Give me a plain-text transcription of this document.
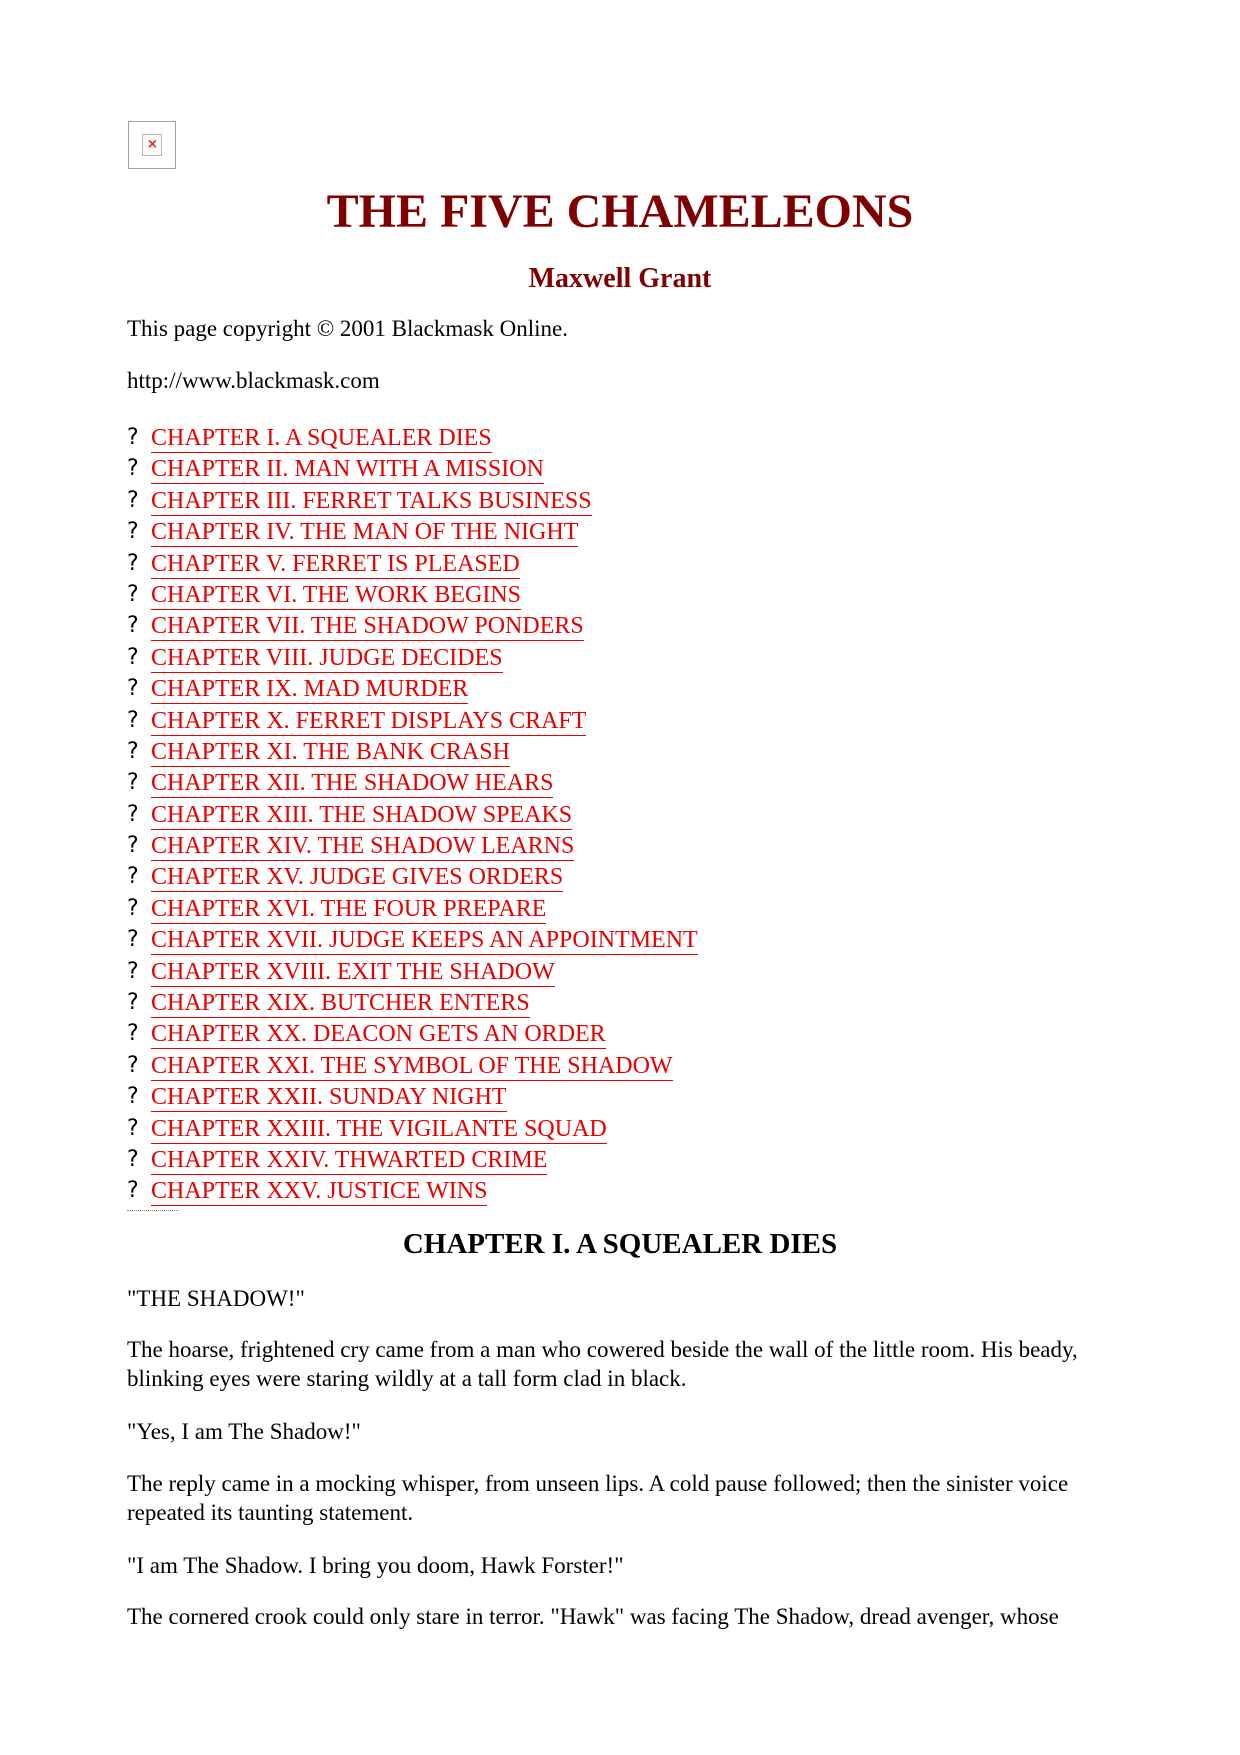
×
THE FIVE CHAMELEONS
Maxwell Grant

This page copyright © 2001 Blackmask Online.

http://www.blackmask.com

? CHAPTER I. A SQUEALER DIES
? CHAPTER II. MAN WITH A MISSION
? CHAPTER III. FERRET TALKS BUSINESS
? CHAPTER IV. THE MAN OF THE NIGHT
? CHAPTER V. FERRET IS PLEASED
? CHAPTER VI. THE WORK BEGINS
? CHAPTER VII. THE SHADOW PONDERS
? CHAPTER VIII. JUDGE DECIDES
? CHAPTER IX. MAD MURDER
? CHAPTER X. FERRET DISPLAYS CRAFT
? CHAPTER XI. THE BANK CRASH
? CHAPTER XII. THE SHADOW HEARS
? CHAPTER XIII. THE SHADOW SPEAKS
? CHAPTER XIV. THE SHADOW LEARNS
? CHAPTER XV. JUDGE GIVES ORDERS
? CHAPTER XVI. THE FOUR PREPARE
? CHAPTER XVII. JUDGE KEEPS AN APPOINTMENT
? CHAPTER XVIII. EXIT THE SHADOW
? CHAPTER XIX. BUTCHER ENTERS
? CHAPTER XX. DEACON GETS AN ORDER
? CHAPTER XXI. THE SYMBOL OF THE SHADOW
? CHAPTER XXII. SUNDAY NIGHT
? CHAPTER XXIII. THE VIGILANTE SQUAD
? CHAPTER XXIV. THWARTED CRIME
? CHAPTER XXV. JUSTICE WINS
CHAPTER I. A SQUEALER DIES

"THE SHADOW!"

The hoarse, frightened cry came from a man who cowered beside the wall of the little room. His beady, blinking eyes were staring wildly at a tall form clad in black.

"Yes, I am The Shadow!"

The reply came in a mocking whisper, from unseen lips. A cold pause followed; then the sinister voice repeated its taunting statement.

"I am The Shadow. I bring you doom, Hawk Forster!"

The cornered crook could only stare in terror. "Hawk" was facing The Shadow, dread avenger, whose
